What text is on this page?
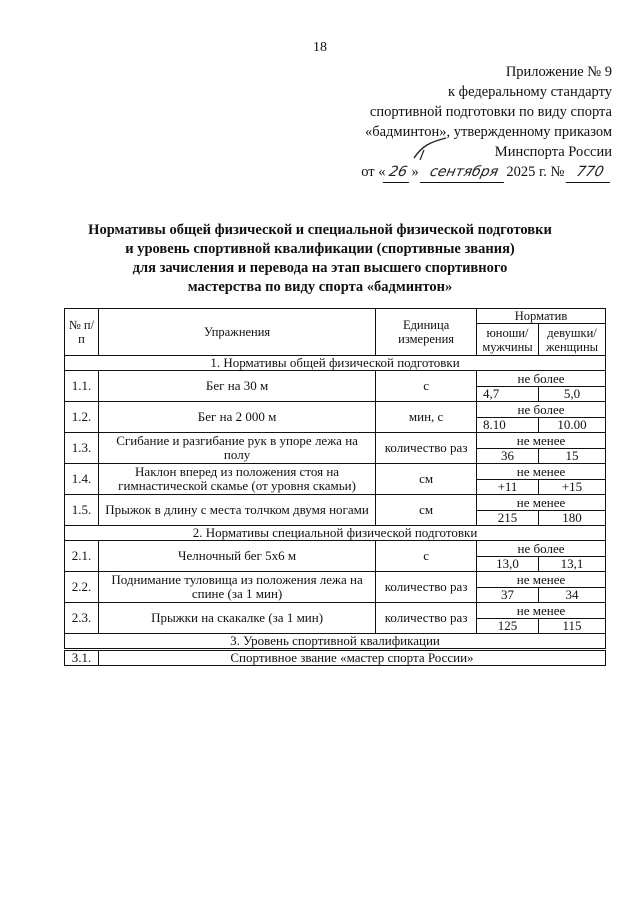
18
Приложение № 9
к федеральному стандарту
спортивной подготовки по виду спорта
«бадминтон», утвержденному приказом
Минспорта России
от « 26 » сентября 2025 г. № 770
Нормативы общей физической и специальной физической подготовки
и уровень спортивной квалификации (спортивные звания)
для зачисления и перевода на этап высшего спортивного
мастерства по виду спорта «бадминтон»
№ п/п	Упражнения	Единица измерения	Норматив	
			юноши/ мужчины	девушки/ женщины
1. Нормативы общей физической подготовки				
1.1.	Бег на 30 м	с	не более	
			4,7	5,0
1.2.	Бег на 2 000 м	мин, с	не более	
			8.10	10.00
1.3.	Сгибание и разгибание рук в упоре лежа на полу	количество раз	не менее	
			36	15
1.4.	Наклон вперед из положения стоя на гимнастической скамье (от уровня скамьи)	см	не менее	
			+11	+15
1.5.	Прыжок в длину с места толчком двумя ногами	см	не менее	
			215	180
2. Нормативы специальной физической подготовки				
2.1.	Челночный бег 5х6 м	с	не более	
			13,0	13,1
2.2.	Поднимание туловища из положения лежа на спине (за 1 мин)	количество раз	не менее	
			37	34
2.3.	Прыжки на скакалке (за 1 мин)	количество раз	не менее	
			125	115
3. Уровень спортивной квалификации				
3.1.	Спортивное звание «мастер спорта России»			
